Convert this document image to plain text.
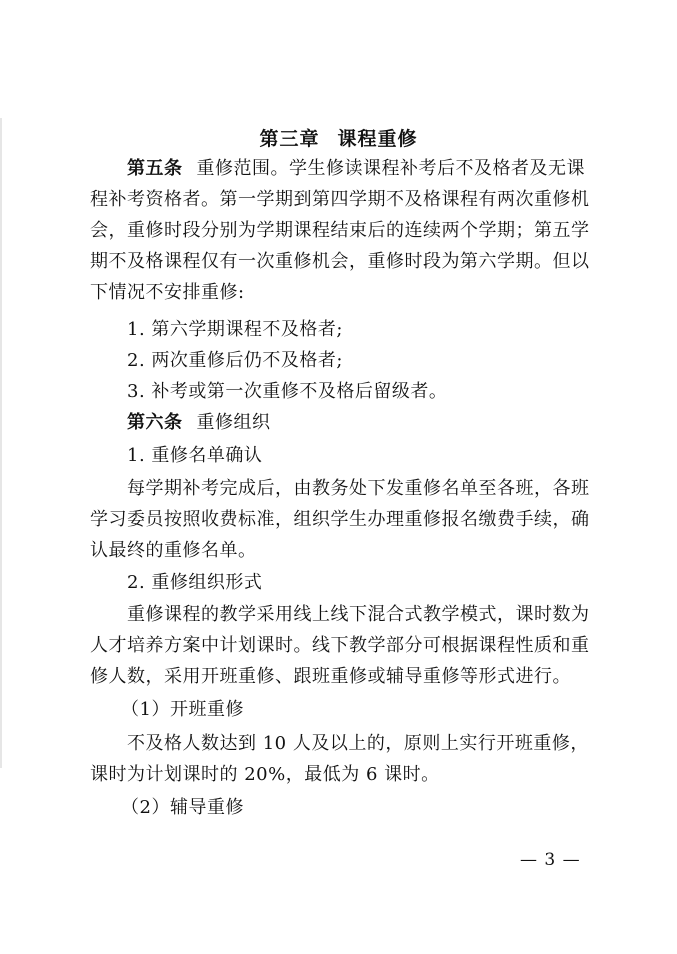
第三章 课程重修

第五条 重修范围。学生修读课程补考后不及格者及无课程补考资格者。第一学期到第四学期不及格课程有两次重修机会，重修时段分别为学期课程结束后的连续两个学期；第五学期不及格课程仅有一次重修机会，重修时段为第六学期。但以下情况不安排重修:

1. 第六学期课程不及格者;

2. 两次重修后仍不及格者;

3. 补考或第一次重修不及格后留级者。

第六条 重修组织

1. 重修名单确认

每学期补考完成后，由教务处下发重修名单至各班，各班学习委员按照收费标准，组织学生办理重修报名缴费手续，确认最终的重修名单。

2. 重修组织形式

重修课程的教学采用线上线下混合式教学模式，课时数为人才培养方案中计划课时。线下教学部分可根据课程性质和重修人数，采用开班重修、跟班重修或辅导重修等形式进行。

（1）开班重修

不及格人数达到 10 人及以上的，原则上实行开班重修，课时为计划课时的 20%，最低为 6 课时。

（2）辅导重修

— 3 —
